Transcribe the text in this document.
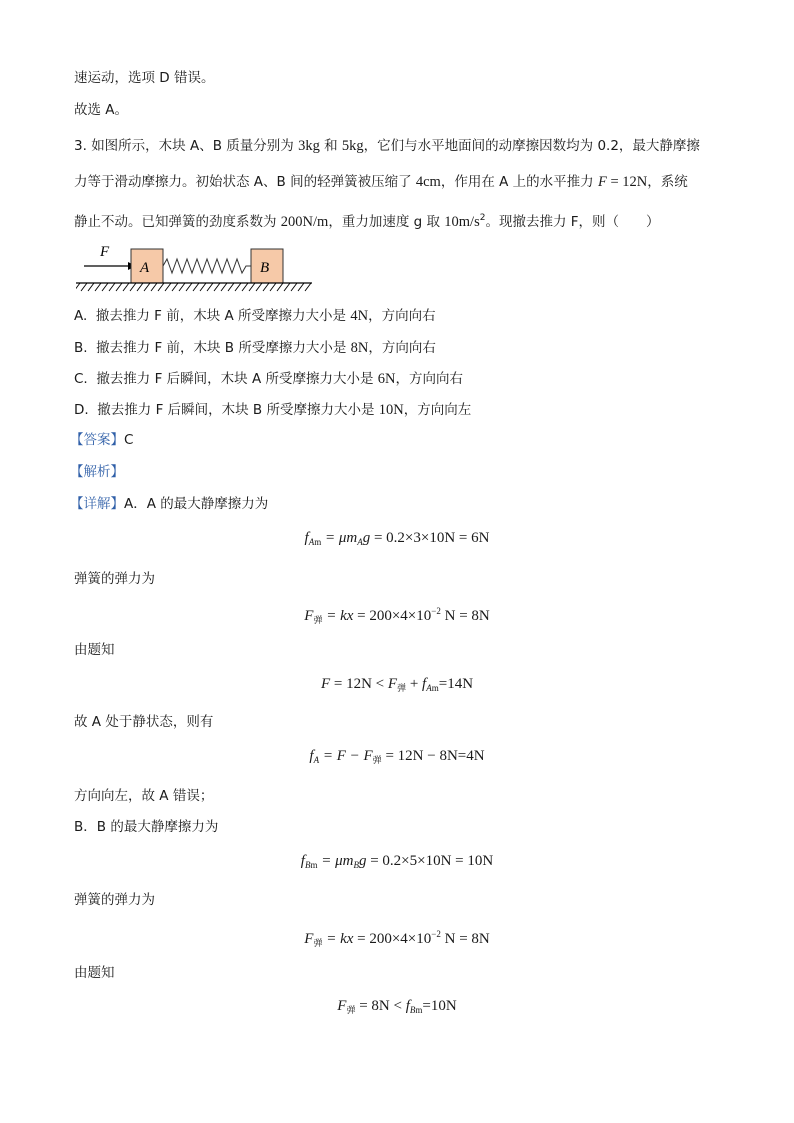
速运动，选项 D 错误。
故选 A。
3. 如图所示，木块 A、B 质量分别为 3kg 和 5kg，它们与水平地面间的动摩擦因数均为 0.2，最大静摩擦
力等于滑动摩擦力。初始状态 A、B 间的轻弹簧被压缩了 4cm，作用在 A 上的水平推力 F = 12N，系统
静止不动。已知弹簧的劲度系数为 200N/m，重力加速度 g 取 $10m/s^2$。现撤去推力 F，则（　　）
F
A	B
A. 撤去推力 F 前，木块 A 所受摩擦力大小是 4N，方向向右
B. 撤去推力 F 前，木块 B 所受摩擦力大小是 8N，方向向右
C. 撤去推力 F 后瞬间，木块 A 所受摩擦力大小是 6N，方向向右
D. 撤去推力 F 后瞬间，木块 B 所受摩擦力大小是 10N，方向向左
【答案】C
【解析】
【详解】A．A 的最大静摩擦力为
$f_{Am} = \mu m_Ag = 0.2\times 3\times 10N = 6N$
弹簧的弹力为
$F_弹$ = kx = $200\times 4\times 10^{-2}$ N = 8N
由题知
$F = 12N < F_弹 + f_{Am}=14N$
故 A 处于静状态，则有
$f_A = F - F_弹 = 12N - 8N=4N$
方向向左，故 A 错误；
B．B 的最大静摩擦力为
$f_{Bm} = \mu m_Bg = 0.2\times 5\times 10N = 10N$
弹簧的弹力为
$F_弹$ = kx = $200\times 4\times 10^{-2}$ N = 8N
由题知
$F_弹 = 8N < f_{Bm}=10N$
